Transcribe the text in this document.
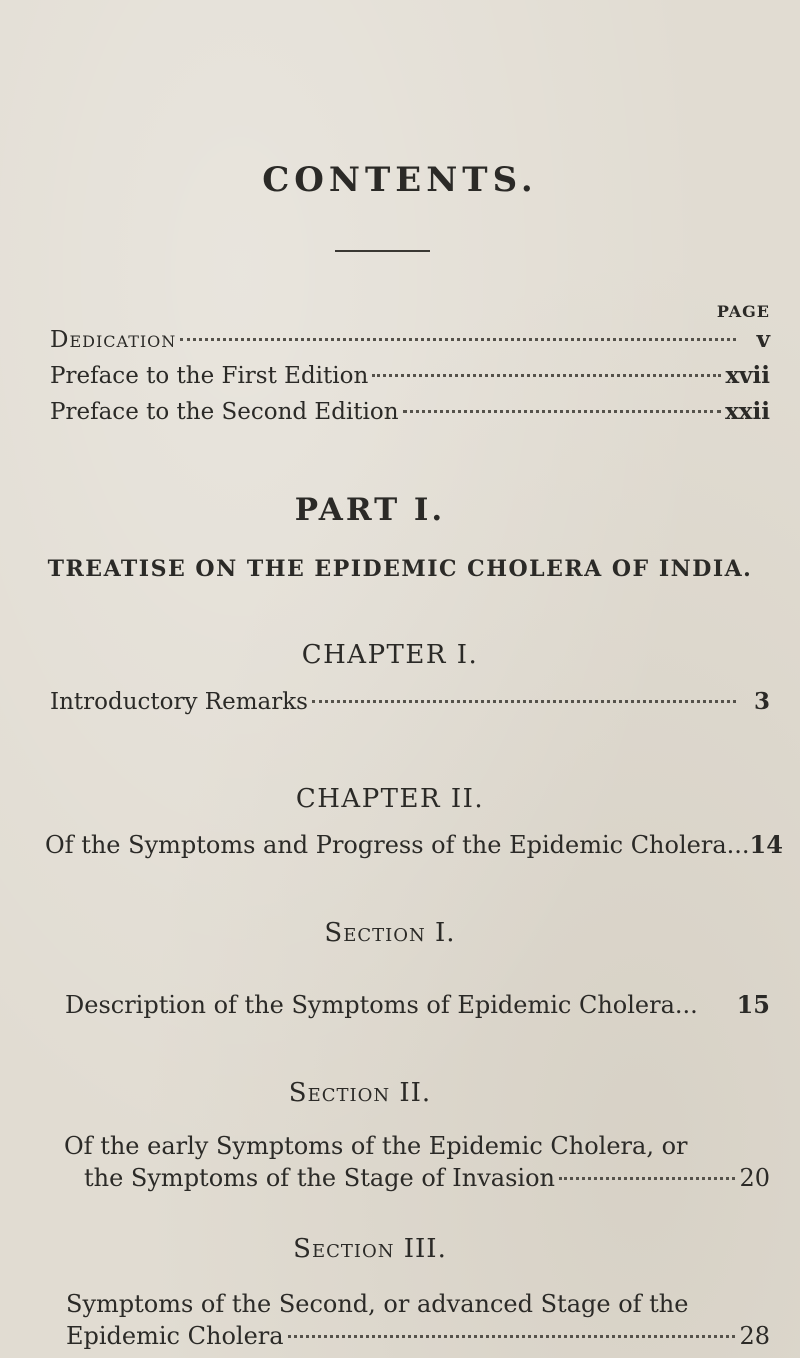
CONTENTS.
PAGE
Dedication	v
Preface to the First Edition	xvii
Preface to the Second Edition	xxii
PART I.
TREATISE ON THE EPIDEMIC CHOLERA OF INDIA.
CHAPTER I.
Introductory Remarks	3
CHAPTER II.
Of the Symptoms and Progress of the Epidemic Cholera... 14
Section I.
Description of the Symptoms of Epidemic Cholera... 15
Section II.
Of the early Symptoms of the Epidemic Cholera, or
the Symptoms of the Stage of Invasion	20
Section III.
Symptoms of the Second, or advanced Stage of the
Epidemic Cholera	28
